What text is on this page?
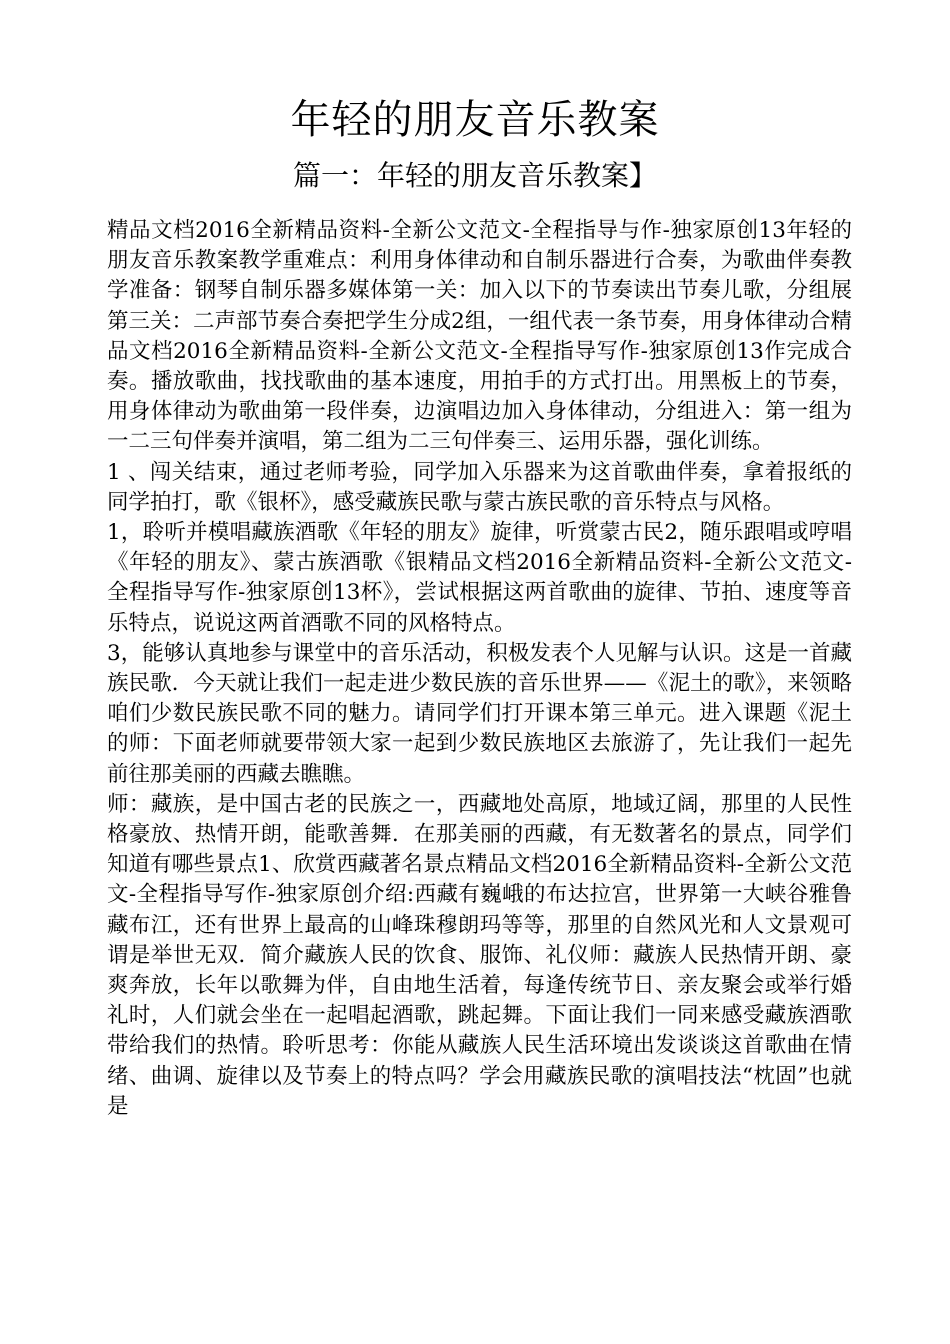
年轻的朋友音乐教案
篇一：年轻的朋友音乐教案】

精品文档2016全新精品资料-全新公文范文-全程指导与作-独家原创13年轻的朋友音乐教案教学重难点：利用身体律动和自制乐器进行合奏，为歌曲伴奏教学准备：钢琴自制乐器多媒体第一关：加入以下的节奏读出节奏儿歌，分组展第三关：二声部节奏合奏把学生分成2组，一组代表一条节奏，用身体律动合精品文档2016全新精品资料-全新公文范文-全程指导写作-独家原创13作完成合奏。播放歌曲，找找歌曲的基本速度，用拍手的方式打出。用黑板上的节奏，用身体律动为歌曲第一段伴奏，边演唱边加入身体律动，分组进入：第一组为一二三句伴奏并演唱，第二组为二三句伴奏三、运用乐器，强化训练。

1 、闯关结束，通过老师考验，同学加入乐器来为这首歌曲伴奏，拿着报纸的同学拍打，歌《银杯》，感受藏族民歌与蒙古族民歌的音乐特点与风格。

1，聆听并模唱藏族酒歌《年轻的朋友》旋律，听赏蒙古民2，随乐跟唱或哼唱《年轻的朋友》、蒙古族酒歌《银精品文档2016全新精品资料-全新公文范文-全程指导写作-独家原创13杯》，尝试根据这两首歌曲的旋律、节拍、速度等音乐特点，说说这两首酒歌不同的风格特点。

3，能够认真地参与课堂中的音乐活动，积极发表个人见解与认识。这是一首藏族民歌．今天就让我们一起走进少数民族的音乐世界——《泥土的歌》，来领略咱们少数民族民歌不同的魅力。请同学们打开课本第三单元。进入课题《泥土的师：下面老师就要带领大家一起到少数民族地区去旅游了，先让我们一起先前往那美丽的西藏去瞧瞧。

师：藏族，是中国古老的民族之一，西藏地处高原，地域辽阔，那里的人民性格豪放、热情开朗，能歌善舞．在那美丽的西藏，有无数著名的景点，同学们知道有哪些景点1、欣赏西藏著名景点精品文档2016全新精品资料-全新公文范文-全程指导写作-独家原创介绍:西藏有巍峨的布达拉宫，世界第一大峡谷雅鲁藏布江，还有世界上最高的山峰珠穆朗玛等等，那里的自然风光和人文景观可谓是举世无双．简介藏族人民的饮食、服饰、礼仪师：藏族人民热情开朗、豪爽奔放，长年以歌舞为伴，自由地生活着，每逢传统节日、亲友聚会或举行婚礼时，人们就会坐在一起唱起酒歌，跳起舞。下面让我们一同来感受藏族酒歌带给我们的热情。聆听思考：你能从藏族人民生活环境出发谈谈这首歌曲在情绪、曲调、旋律以及节奏上的特点吗？学会用藏族民歌的演唱技法“枕固”也就是
